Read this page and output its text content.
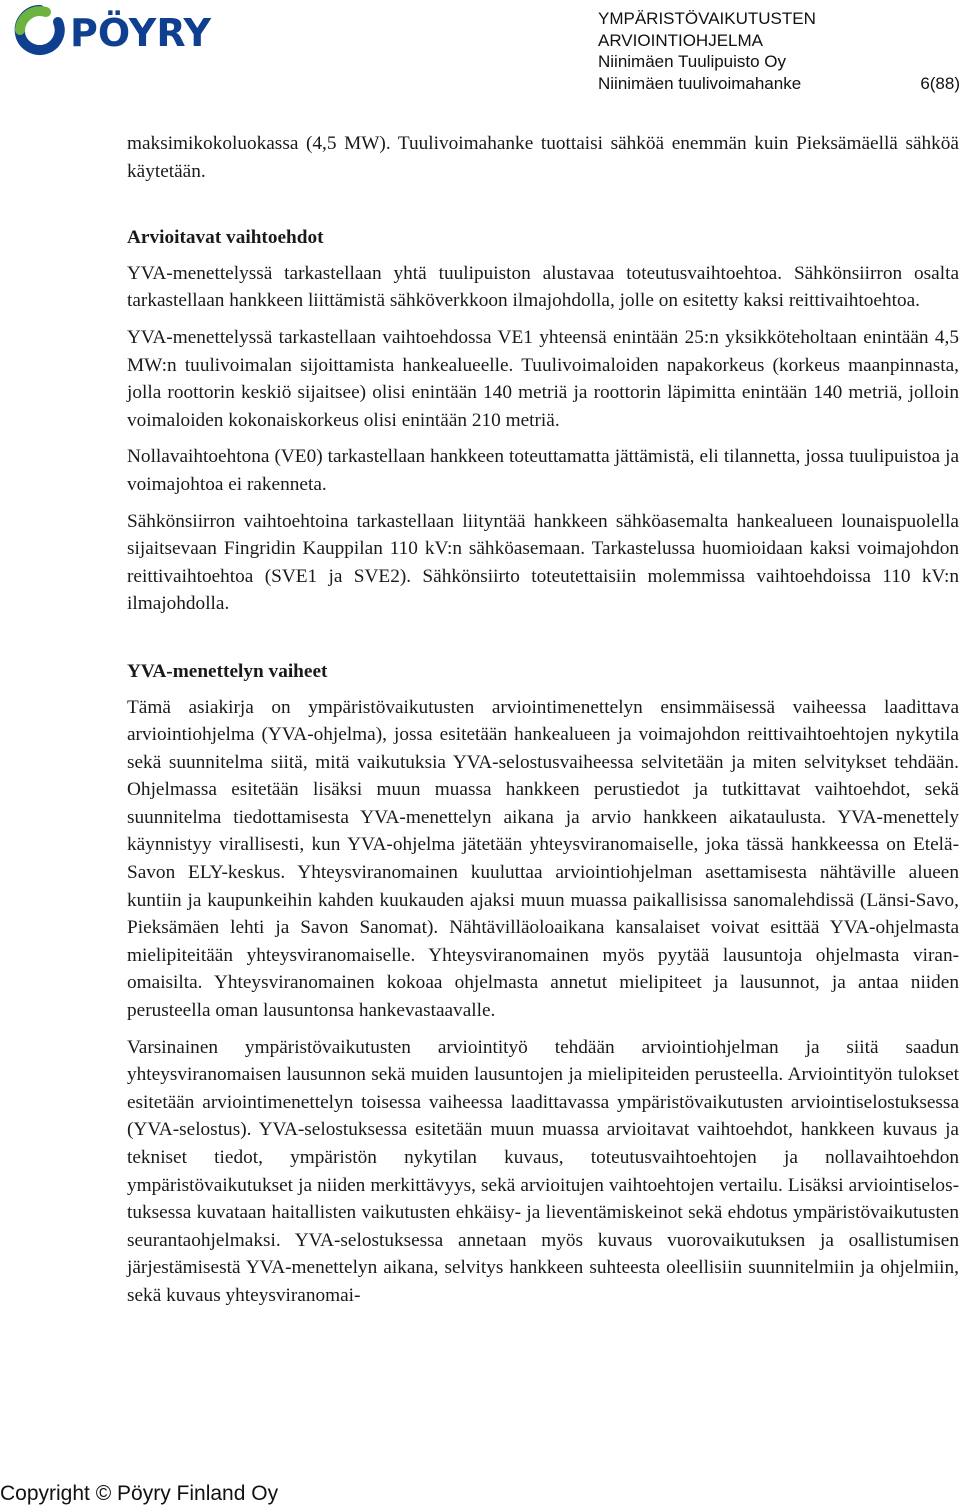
PÖYRY	YMPÄRISTÖVAIKUTUSTEN
ARVIOINTIOHJELMA
Niinimäen Tuulipuisto Oy
Niinimäen tuulivoimahanke	6(88)

maksimikokoluokassa (4,5 MW). Tuulivoimahanke tuottaisi sähköä enemmän kuin Pieksämäellä sähköä käytetään.

Arvioitavat vaihtoehdot

YVA-menettelyssä tarkastellaan yhtä tuulipuiston alustavaa toteutusvaihtoehtoa. Sähkönsiirron osalta tarkastellaan hankkeen liittämistä sähköverkkoon ilmajohdolla, jolle on esitetty kaksi reittivaihtoehtoa.

YVA-menettelyssä tarkastellaan vaihtoehdossa VE1 yhteensä enintään 25:n yksikköteholtaan enintään 4,5 MW:n tuulivoimalan sijoittamista hankealueelle. Tuulivoimaloiden napakorkeus (korkeus maanpinnasta, jolla roottorin keskiö sijaitsee) olisi enintään 140 metriä ja roottorin läpimitta enintään 140 metriä, jolloin voimaloiden kokonaiskorkeus olisi enintään 210 metriä.

Nollavaihtoehtona (VE0) tarkastellaan hankkeen toteuttamatta jättämistä, eli tilannetta, jossa tuulipuistoa ja voimajohtoa ei rakenneta.

Sähkönsiirron vaihtoehtoina tarkastellaan liityntää hankkeen sähköasemalta hankealueen lounaispuolella sijaitsevaan Fingridin Kauppilan 110 kV:n sähköasemaan. Tarkastelussa huomioidaan kaksi voimajohdon reittivaihtoehtoa (SVE1 ja SVE2). Sähkönsiirto toteutettaisiin molemmissa vaihtoehdoissa 110 kV:n ilmajohdolla.

YVA-menettelyn vaiheet

Tämä asiakirja on ympäristövaikutusten arviointimenettelyn ensimmäisessä vaiheessa laadittava arviointiohjelma (YVA-ohjelma), jossa esitetään hankealueen ja voimajohdon reittivaihtoehtojen nykytila sekä suunnitelma siitä, mitä vaikutuksia YVA-selostusvaiheessa selvitetään ja miten selvitykset tehdään. Ohjelmassa esitetään lisäksi muun muassa hankkeen perustiedot ja tutkittavat vaihtoehdot, sekä suunnitelma tiedottamisesta YVA-menettelyn aikana ja arvio hankkeen aikataulusta. YVA-menettely käynnistyy virallisesti, kun YVA-ohjelma jätetään yhteysviranomaiselle, joka tässä hankkeessa on Etelä-Savon ELY-keskus. Yhteysviranomainen kuuluttaa arviointiohjelman asettamisesta nähtäville alueen kuntiin ja kaupunkeihin kahden kuukauden ajaksi muun muassa paikallisissa sanomalehdissä (Länsi-Savo, Pieksämäen lehti ja Savon Sanomat). Nähtävilläoloaikana kansalaiset voivat esittää YVA-ohjelmasta mielipiteitään yhteysviranomaiselle. Yhteysviranomainen myös pyytää lausuntoja ohjelmasta viranomaisilta. Yhteysviranomainen kokoaa ohjelmasta annetut mielipiteet ja lausunnot, ja antaa niiden perusteella oman lausuntonsa hankevastaavalle.

Varsinainen ympäristövaikutusten arviointityö tehdään arviointiohjelman ja siitä saadun yhteysviranomaisen lausunnon sekä muiden lausuntojen ja mielipiteiden perusteella. Arviointityön tulokset esitetään arviointimenettelyn toisessa vaiheessa laadittavassa ympäristövaikutusten arviointiselostuksessa (YVA-selostus). YVA-selostuksessa esitetään muun muassa arvioitavat vaihtoehdot, hankkeen kuvaus ja tekniset tiedot, ympäristön nykytilan kuvaus, toteutusvaihtoehtojen ja nollavaihtoehdon ympäristövaikutukset ja niiden merkittävyys, sekä arvioitujen vaihtoehtojen vertailu. Lisäksi arviointiselostuksessa kuvataan haitallisten vaikutusten ehkäisy- ja lieventämiskeinot sekä ehdotus ympäristövaikutusten seurantaohjelmaksi. YVA-selostuksessa annetaan myös kuvaus vuorovaikutuksen ja osallistumisen järjestämisestä YVA-menettelyn aikana, selvitys hankkeen suhteesta oleellisiin suunnitelmiin ja ohjelmiin, sekä kuvaus yhteysviranomai-

Copyright © Pöyry Finland Oy
